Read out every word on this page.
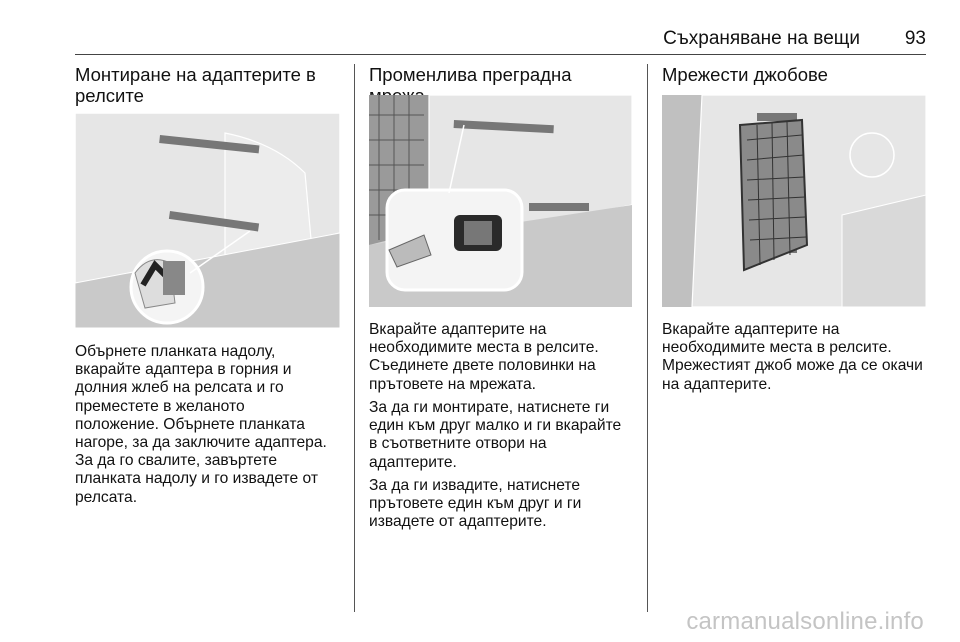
Съхраняване на вещи 93
Монтиране на адаптерите в релсите
Обърнете планката надолу,
вкарайте адаптера в горния и
долния жлеб на релсата и го
преместете в желаното
положение. Обърнете планката
нагоре, за да заключите адаптера.
За да го свалите, завъртете
планката надолу и го извадете от
релсата.
Променлива преградна
Вкарайте адаптерите на
необходимите места в релсите.
Съединете двете половинки на
прътовете на мрежата.
За да ги монтирате, натиснете ги
един към друг малко и ги вкарайте
в съответните отвори на
адаптерите.
За да ги извадите, натиснете
прътовете един към друг и ги
извадете от адаптерите.
Мрежести джобове
Вкарайте адаптерите на
необходимите места в релсите.
Мрежестият джоб може да се окачи
на адаптерите.
carmanualsonline.info
